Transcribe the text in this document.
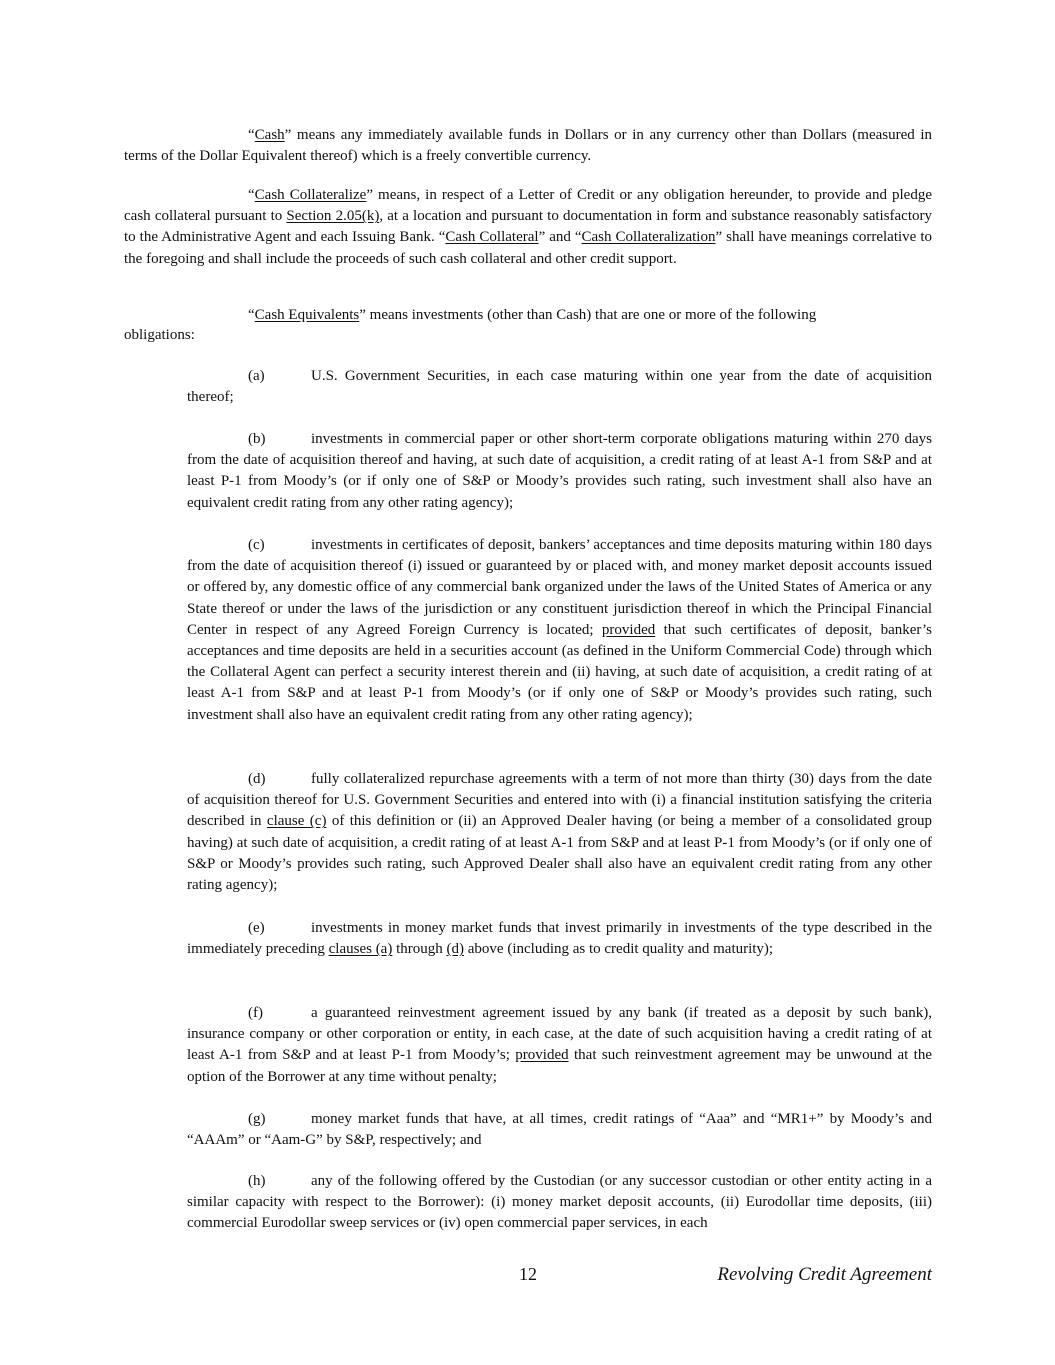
“Cash” means any immediately available funds in Dollars or in any currency other than Dollars (measured in terms of the Dollar Equivalent thereof) which is a freely convertible currency.

“Cash Collateralize” means, in respect of a Letter of Credit or any obligation hereunder, to provide and pledge cash collateral pursuant to Section 2.05(k), at a location and pursuant to documentation in form and substance reasonably satisfactory to the Administrative Agent and each Issuing Bank. “Cash Collateral” and “Cash Collateralization” shall have meanings correlative to the foregoing and shall include the proceeds of such cash collateral and other credit support.

“Cash Equivalents” means investments (other than Cash) that are one or more of the following

obligations:

(a)	U.S. Government Securities, in each case maturing within one year from the date of acquisition thereof;

(b)	investments in commercial paper or other short-term corporate obligations maturing within 270 days from the date of acquisition thereof and having, at such date of acquisition, a credit rating of at least A-1 from S&P and at least P-1 from Moody’s (or if only one of S&P or Moody’s provides such rating, such investment shall also have an equivalent credit rating from any other rating agency);

(c)	investments in certificates of deposit, bankers’ acceptances and time deposits maturing within 180 days from the date of acquisition thereof (i) issued or guaranteed by or placed with, and money market deposit accounts issued or offered by, any domestic office of any commercial bank organized under the laws of the United States of America or any State thereof or under the laws of the jurisdiction or any constituent jurisdiction thereof in which the Principal Financial Center in respect of any Agreed Foreign Currency is located; provided that such certificates of deposit, banker’s acceptances and time deposits are held in a securities account (as defined in the Uniform Commercial Code) through which the Collateral Agent can perfect a security interest therein and (ii) having, at such date of acquisition, a credit rating of at least A-1 from S&P and at least P-1 from Moody’s (or if only one of S&P or Moody’s provides such rating, such investment shall also have an equivalent credit rating from any other rating agency);

(d)	fully collateralized repurchase agreements with a term of not more than thirty (30) days from the date of acquisition thereof for U.S. Government Securities and entered into with (i) a financial institution satisfying the criteria described in clause (c) of this definition or (ii) an Approved Dealer having (or being a member of a consolidated group having) at such date of acquisition, a credit rating of at least A-1 from S&P and at least P-1 from Moody’s (or if only one of S&P or Moody’s provides such rating, such Approved Dealer shall also have an equivalent credit rating from any other rating agency);

(e)	investments in money market funds that invest primarily in investments of the type described in the immediately preceding clauses (a) through (d) above (including as to credit quality and maturity);

(f)	a guaranteed reinvestment agreement issued by any bank (if treated as a deposit by such bank), insurance company or other corporation or entity, in each case, at the date of such acquisition having a credit rating of at least A-1 from S&P and at least P-1 from Moody’s; provided that such reinvestment agreement may be unwound at the option of the Borrower at any time without penalty;

(g)	money market funds that have, at all times, credit ratings of “Aaa” and “MR1+” by Moody’s and “AAAm” or “Aam-G” by S&P, respectively; and

(h)	any of the following offered by the Custodian (or any successor custodian or other entity acting in a similar capacity with respect to the Borrower): (i) money market deposit accounts, (ii) Eurodollar time deposits, (iii) commercial Eurodollar sweep services or (iv) open commercial paper services, in each

12	Revolving Credit Agreement
